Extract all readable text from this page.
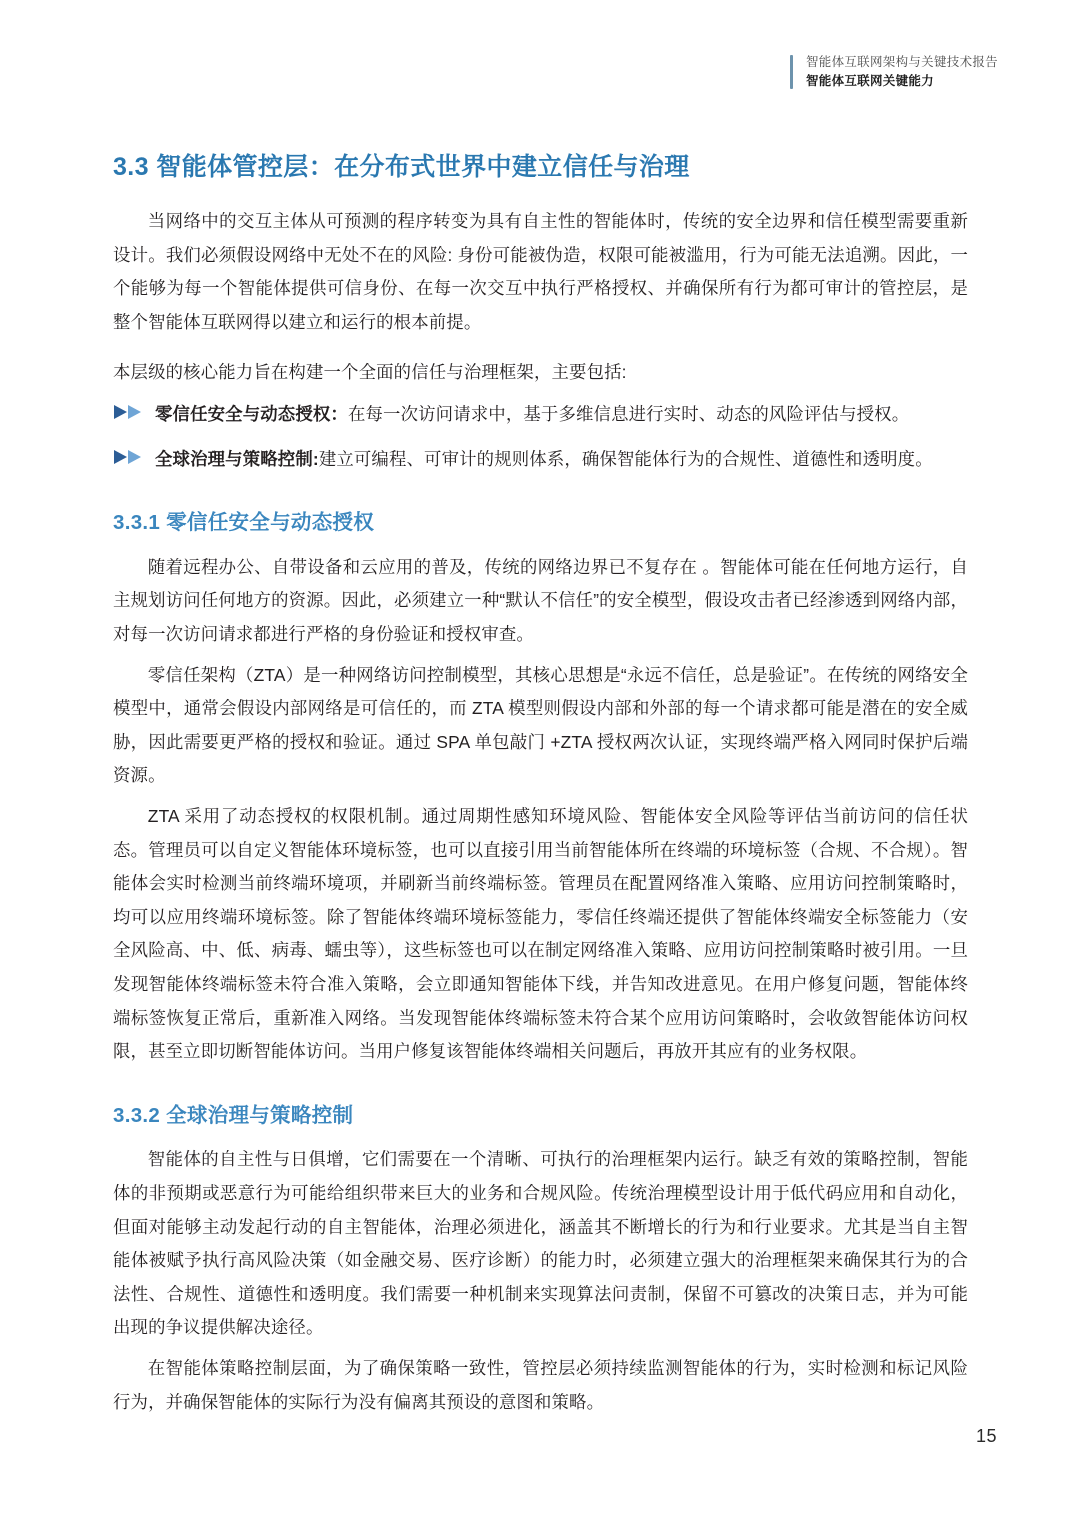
智能体互联网架构与关键技术报告
智能体互联网关键能力
3.3 智能体管控层：在分布式世界中建立信任与治理

当网络中的交互主体从可预测的程序转变为具有自主性的智能体时，传统的安全边界和信任模型需要重新设计。我们必须假设网络中无处不在的风险: 身份可能被伪造，权限可能被滥用，行为可能无法追溯。因此，一个能够为每一个智能体提供可信身份、在每一次交互中执行严格授权、并确保所有行为都可审计的管控层，是整个智能体互联网得以建立和运行的根本前提。

本层级的核心能力旨在构建一个全面的信任与治理框架，主要包括:

零信任安全与动态授权：在每一次访问请求中，基于多维信息进行实时、动态的风险评估与授权。
全球治理与策略控制:建立可编程、可审计的规则体系，确保智能体行为的合规性、道德性和透明度。
3.3.1 零信任安全与动态授权

随着远程办公、自带设备和云应用的普及，传统的网络边界已不复存在 。智能体可能在任何地方运行，自主规划访问任何地方的资源。因此，必须建立一种“默认不信任”的安全模型，假设攻击者已经渗透到网络内部，对每一次访问请求都进行严格的身份验证和授权审查。

零信任架构（ZTA）是一种网络访问控制模型，其核心思想是“永远不信任，总是验证”。在传统的网络安全模型中，通常会假设内部网络是可信任的，而 ZTA 模型则假设内部和外部的每一个请求都可能是潜在的安全威胁，因此需要更严格的授权和验证。通过 SPA 单包敲门 +ZTA 授权两次认证，实现终端严格入网同时保护后端资源。

ZTA 采用了动态授权的权限机制。通过周期性感知环境风险、智能体安全风险等评估当前访问的信任状态。管理员可以自定义智能体环境标签，也可以直接引用当前智能体所在终端的环境标签（合规、不合规）。智能体会实时检测当前终端环境项，并刷新当前终端标签。管理员在配置网络准入策略、应用访问控制策略时，均可以应用终端环境标签。除了智能体终端环境标签能力，零信任终端还提供了智能体终端安全标签能力（安全风险高、中、低、病毒、蠕虫等），这些标签也可以在制定网络准入策略、应用访问控制策略时被引用。一旦发现智能体终端标签未符合准入策略，会立即通知智能体下线，并告知改进意见。在用户修复问题，智能体终端标签恢复正常后，重新准入网络。当发现智能体终端标签未符合某个应用访问策略时，会收敛智能体访问权限，甚至立即切断智能体访问。当用户修复该智能体终端相关问题后，再放开其应有的业务权限。

3.3.2 全球治理与策略控制

智能体的自主性与日俱增，它们需要在一个清晰、可执行的治理框架内运行。缺乏有效的策略控制，智能体的非预期或恶意行为可能给组织带来巨大的业务和合规风险。传统治理模型设计用于低代码应用和自动化，但面对能够主动发起行动的自主智能体，治理必须进化，涵盖其不断增长的行为和行业要求。尤其是当自主智能体被赋予执行高风险决策（如金融交易、医疗诊断）的能力时，必须建立强大的治理框架来确保其行为的合法性、合规性、道德性和透明度。我们需要一种机制来实现算法问责制，保留不可篡改的决策日志，并为可能出现的争议提供解决途径。

在智能体策略控制层面，为了确保策略一致性，管控层必须持续监测智能体的行为，实时检测和标记风险行为，并确保智能体的实际行为没有偏离其预设的意图和策略。

15
